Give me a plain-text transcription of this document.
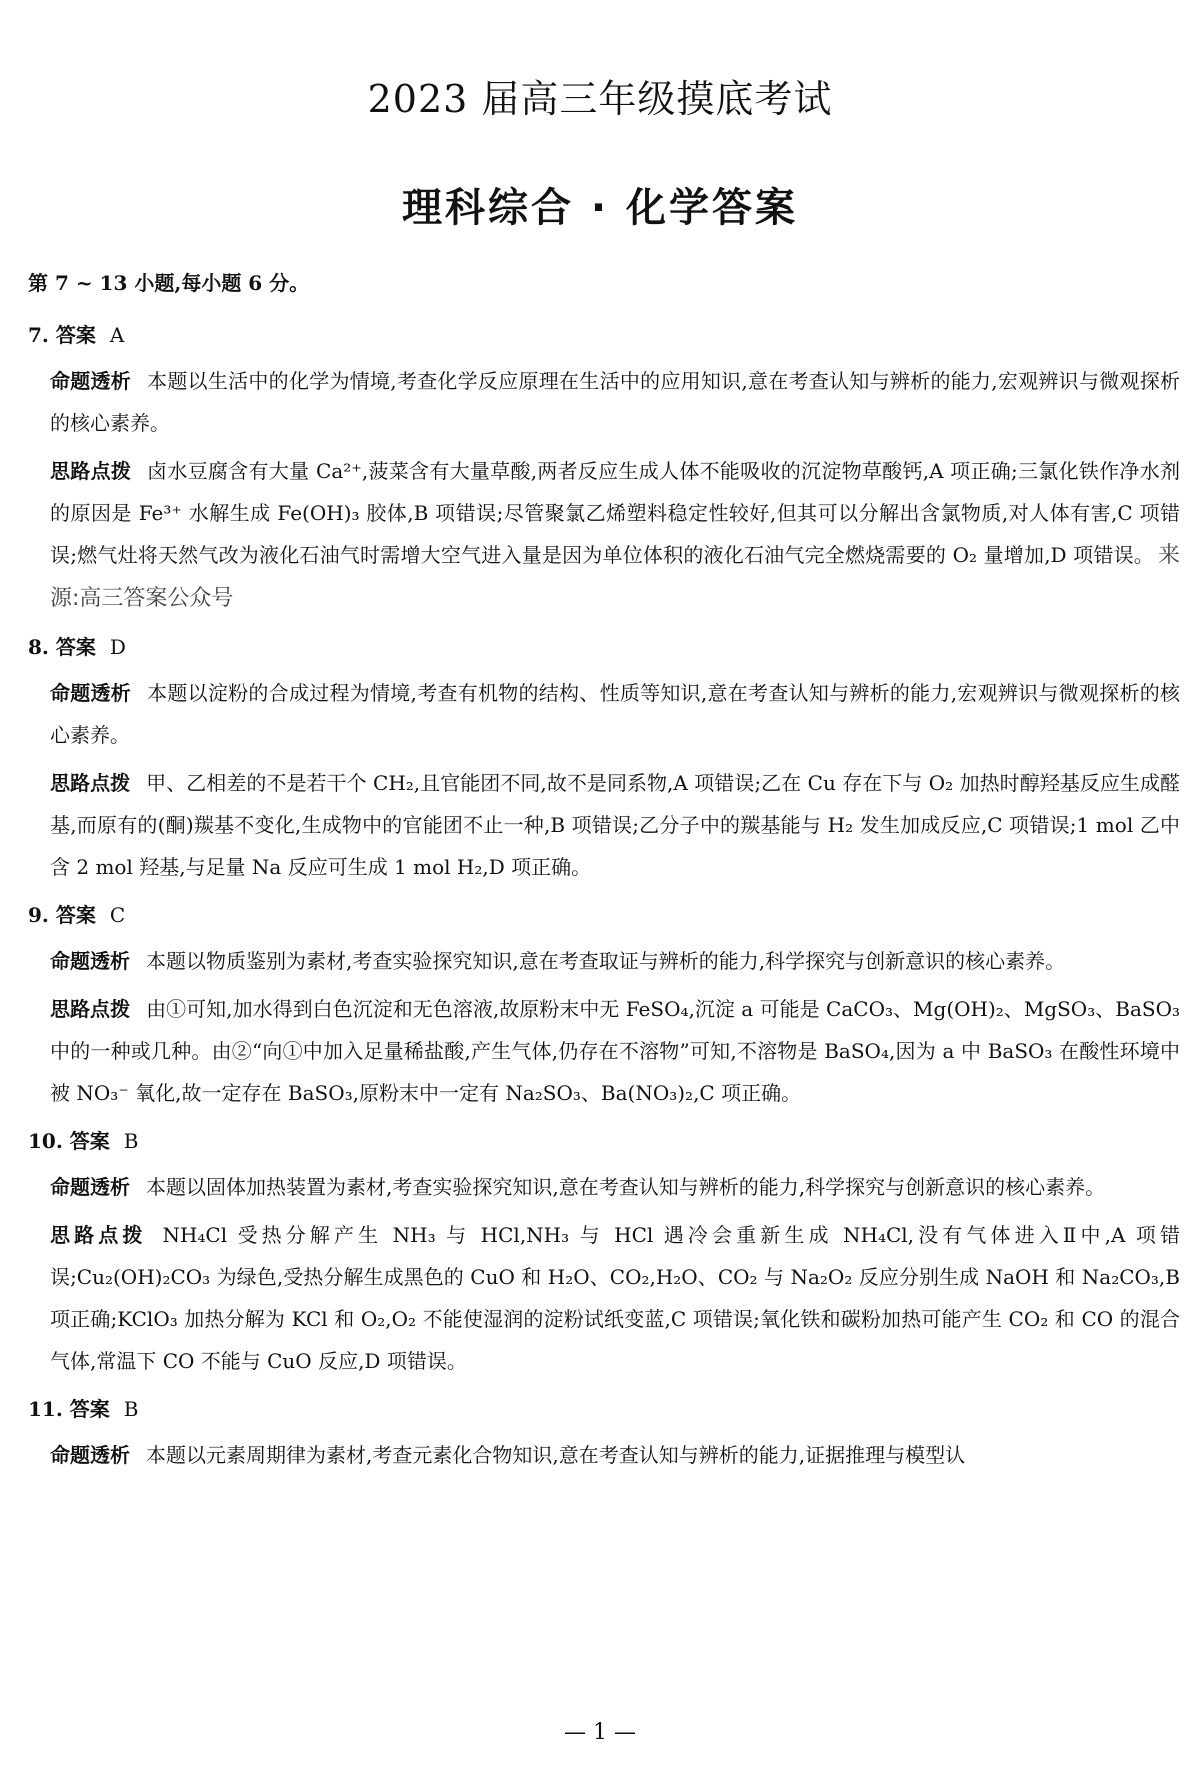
2023 届高三年级摸底考试
理科综合 · 化学答案
第 7 ~ 13 小题,每小题 6 分。
7. 答案 A
命题透析 本题以生活中的化学为情境,考查化学反应原理在生活中的应用知识,意在考查认知与辨析的能力,宏观辨识与微观探析的核心素养。
思路点拨 卤水豆腐含有大量 Ca²⁺,菠菜含有大量草酸,两者反应生成人体不能吸收的沉淀物草酸钙,A 项正确;三氯化铁作净水剂的原因是 Fe³⁺ 水解生成 Fe(OH)₃ 胶体,B 项错误;尽管聚氯乙烯塑料稳定性较好,但其可以分解出含氯物质,对人体有害,C 项错误;燃气灶将天然气改为液化石油气时需增大空气进入量是因为单位体积的液化石油气完全燃烧需要的 O₂ 量增加,D 项错误。 来源:高三答案公众号
8. 答案 D
命题透析 本题以淀粉的合成过程为情境,考查有机物的结构、性质等知识,意在考查认知与辨析的能力,宏观辨识与微观探析的核心素养。
思路点拨 甲、乙相差的不是若干个 CH₂,且官能团不同,故不是同系物,A 项错误;乙在 Cu 存在下与 O₂ 加热时醇羟基反应生成醛基,而原有的(酮)羰基不变化,生成物中的官能团不止一种,B 项错误;乙分子中的羰基能与 H₂ 发生加成反应,C 项错误;1 mol 乙中含 2 mol 羟基,与足量 Na 反应可生成 1 mol H₂,D 项正确。
9. 答案 C
命题透析 本题以物质鉴别为素材,考查实验探究知识,意在考查取证与辨析的能力,科学探究与创新意识的核心素养。
思路点拨 由①可知,加水得到白色沉淀和无色溶液,故原粉末中无 FeSO₄,沉淀 a 可能是 CaCO₃、Mg(OH)₂、MgSO₃、BaSO₃ 中的一种或几种。由②“向①中加入足量稀盐酸,产生气体,仍存在不溶物”可知,不溶物是 BaSO₄,因为 a 中 BaSO₃ 在酸性环境中被 NO₃⁻ 氧化,故一定存在 BaSO₃,原粉末中一定有 Na₂SO₃、Ba(NO₃)₂,C 项正确。
10. 答案 B
命题透析 本题以固体加热装置为素材,考查实验探究知识,意在考查认知与辨析的能力,科学探究与创新意识的核心素养。
思路点拨 NH₄Cl 受热分解产生 NH₃ 与 HCl,NH₃ 与 HCl 遇冷会重新生成 NH₄Cl,没有气体进入Ⅱ中,A 项错误;Cu₂(OH)₂CO₃ 为绿色,受热分解生成黑色的 CuO 和 H₂O、CO₂,H₂O、CO₂ 与 Na₂O₂ 反应分别生成 NaOH 和 Na₂CO₃,B 项正确;KClO₃ 加热分解为 KCl 和 O₂,O₂ 不能使湿润的淀粉试纸变蓝,C 项错误;氧化铁和碳粉加热可能产生 CO₂ 和 CO 的混合气体,常温下 CO 不能与 CuO 反应,D 项错误。
11. 答案 B
命题透析 本题以元素周期律为素材,考查元素化合物知识,意在考查认知与辨析的能力,证据推理与模型认
— 1 —
